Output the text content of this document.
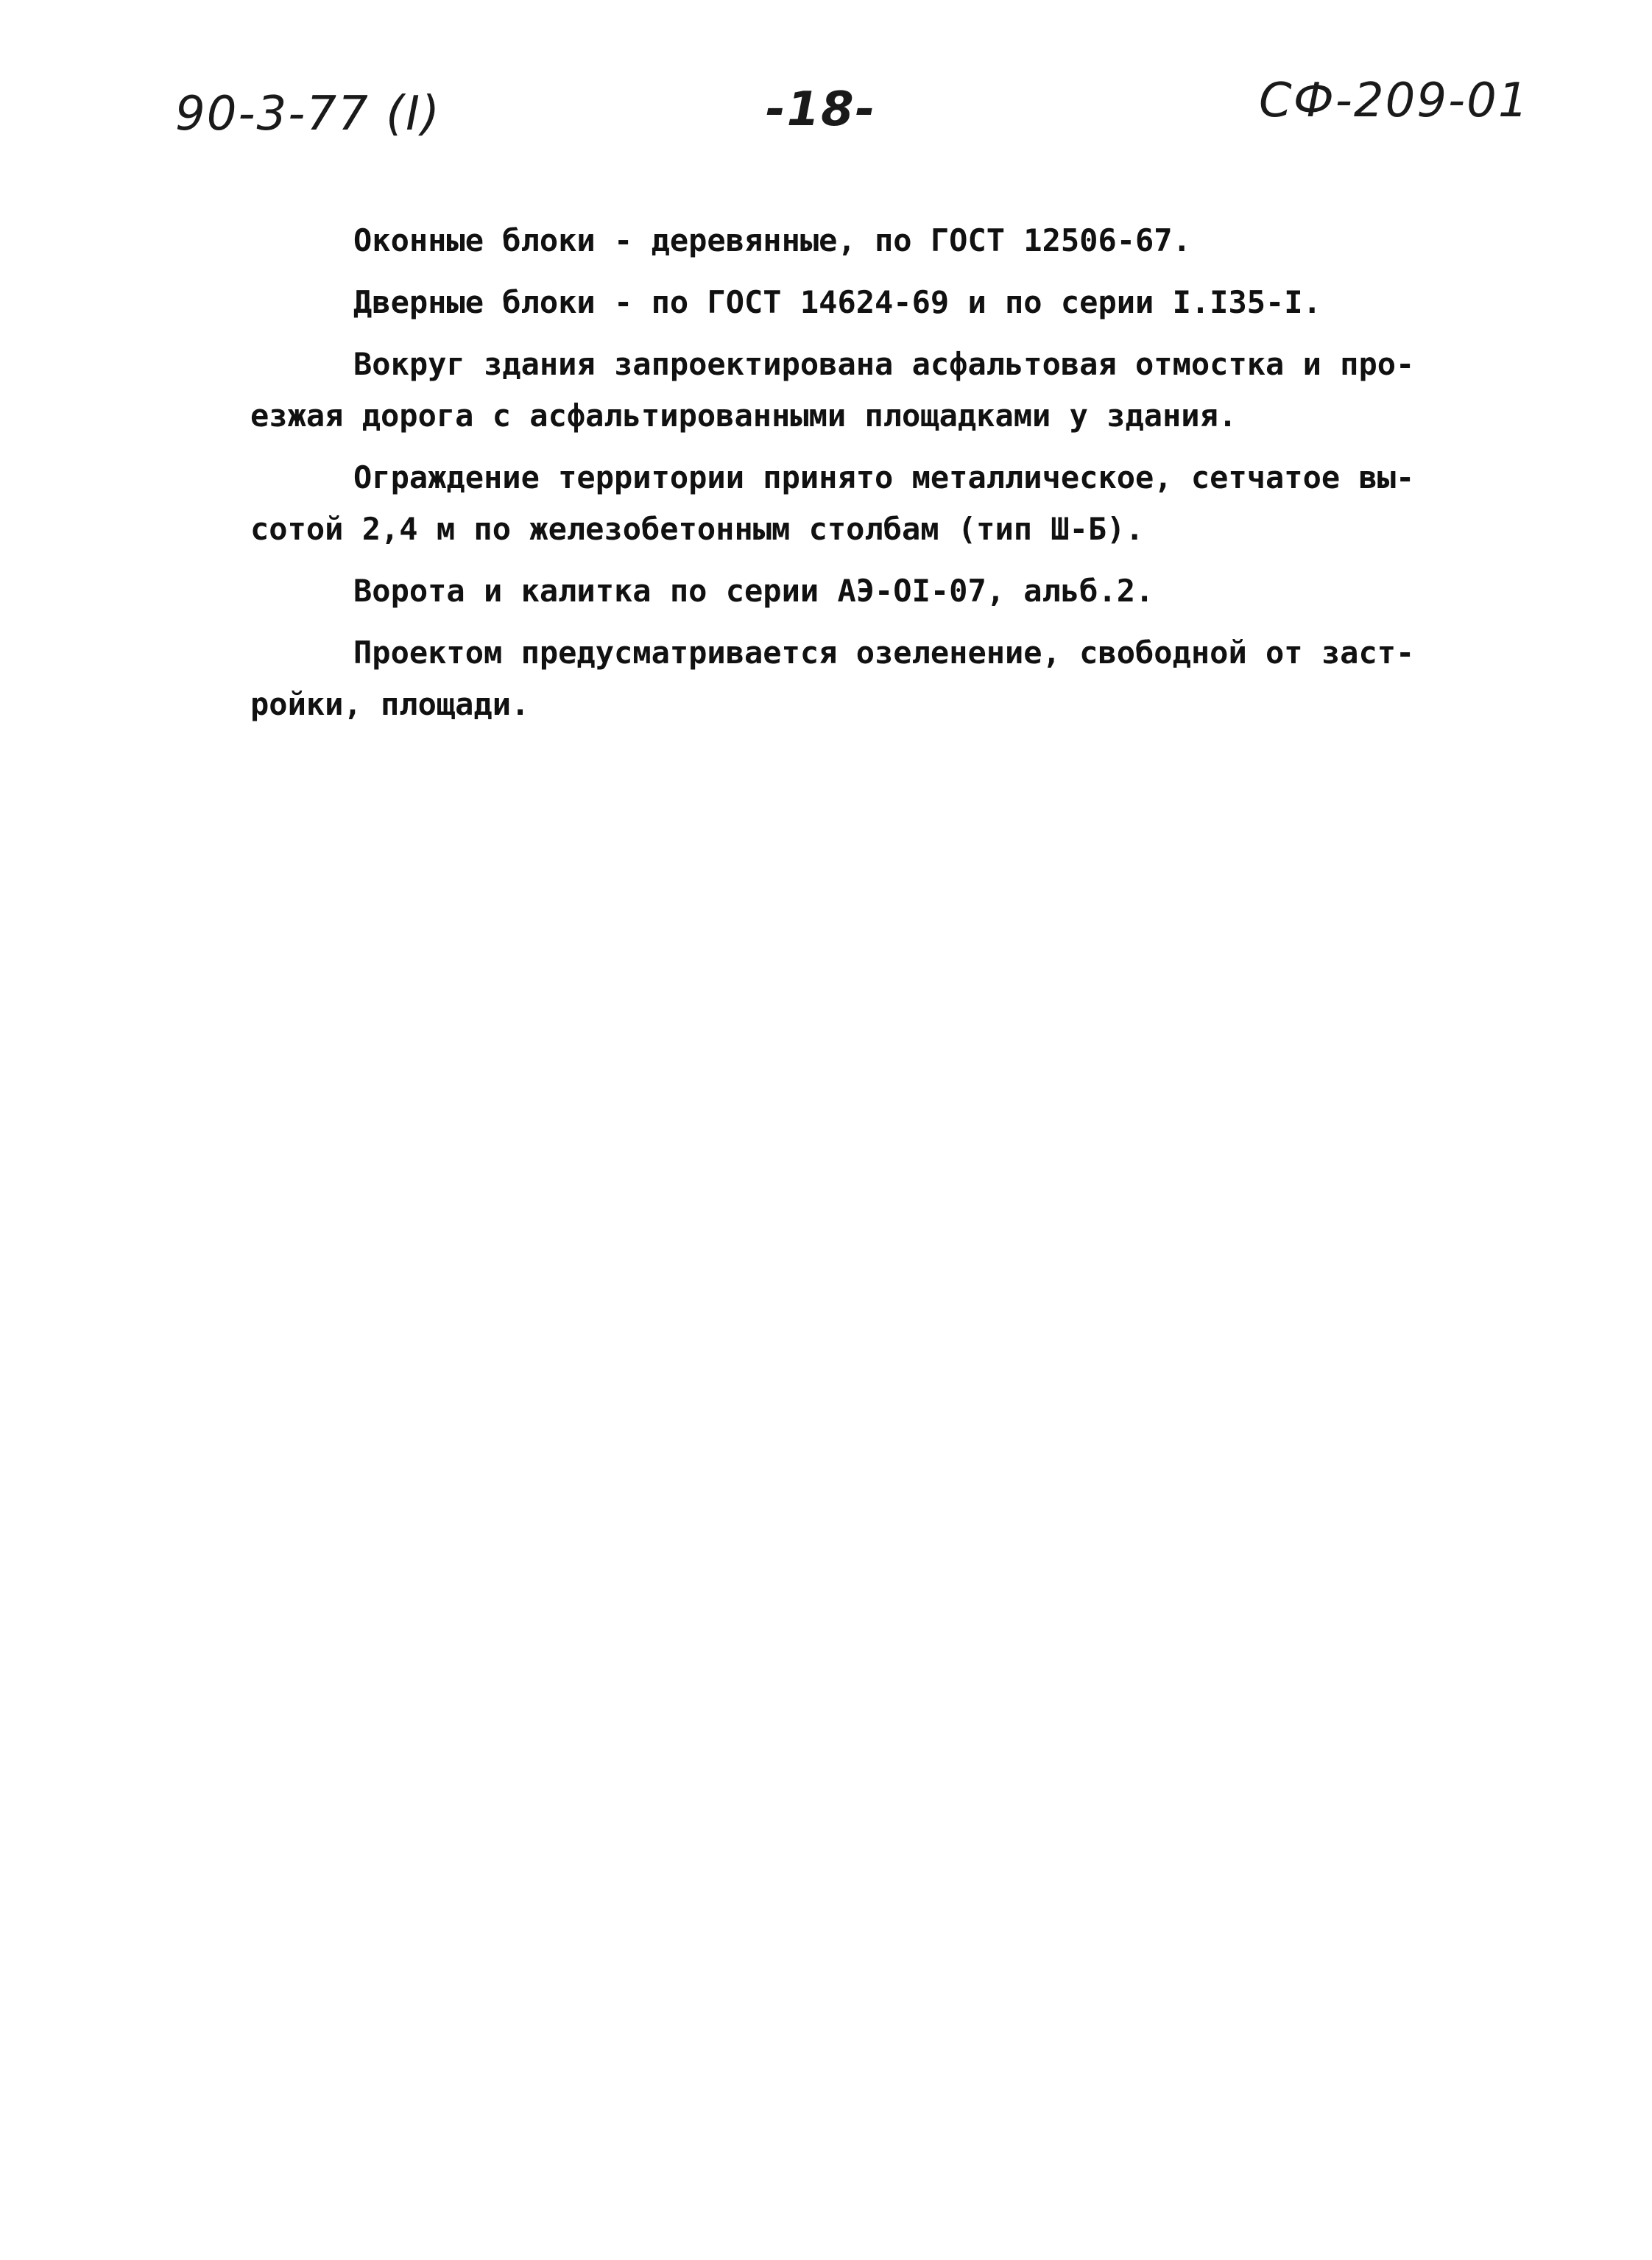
90-3-77 (I)	-18-	СФ-209-01
Оконные блоки - деревянные, по ГОСТ 12506-67.
Дверные блоки - по ГОСТ 14624-69 и по серии I.I35-I.
Вокруг здания запроектирована асфальтовая отмостка и про-
езжая дорога с асфальтированными площадками у здания.
Ограждение территории принято металлическое, сетчатое вы-
сотой 2,4 м по железобетонным столбам (тип Ш-Б).
Ворота и калитка по серии АЭ-OI-07, альб.2.
Проектом предусматривается озеленение, свободной от заст-
ройки, площади.
